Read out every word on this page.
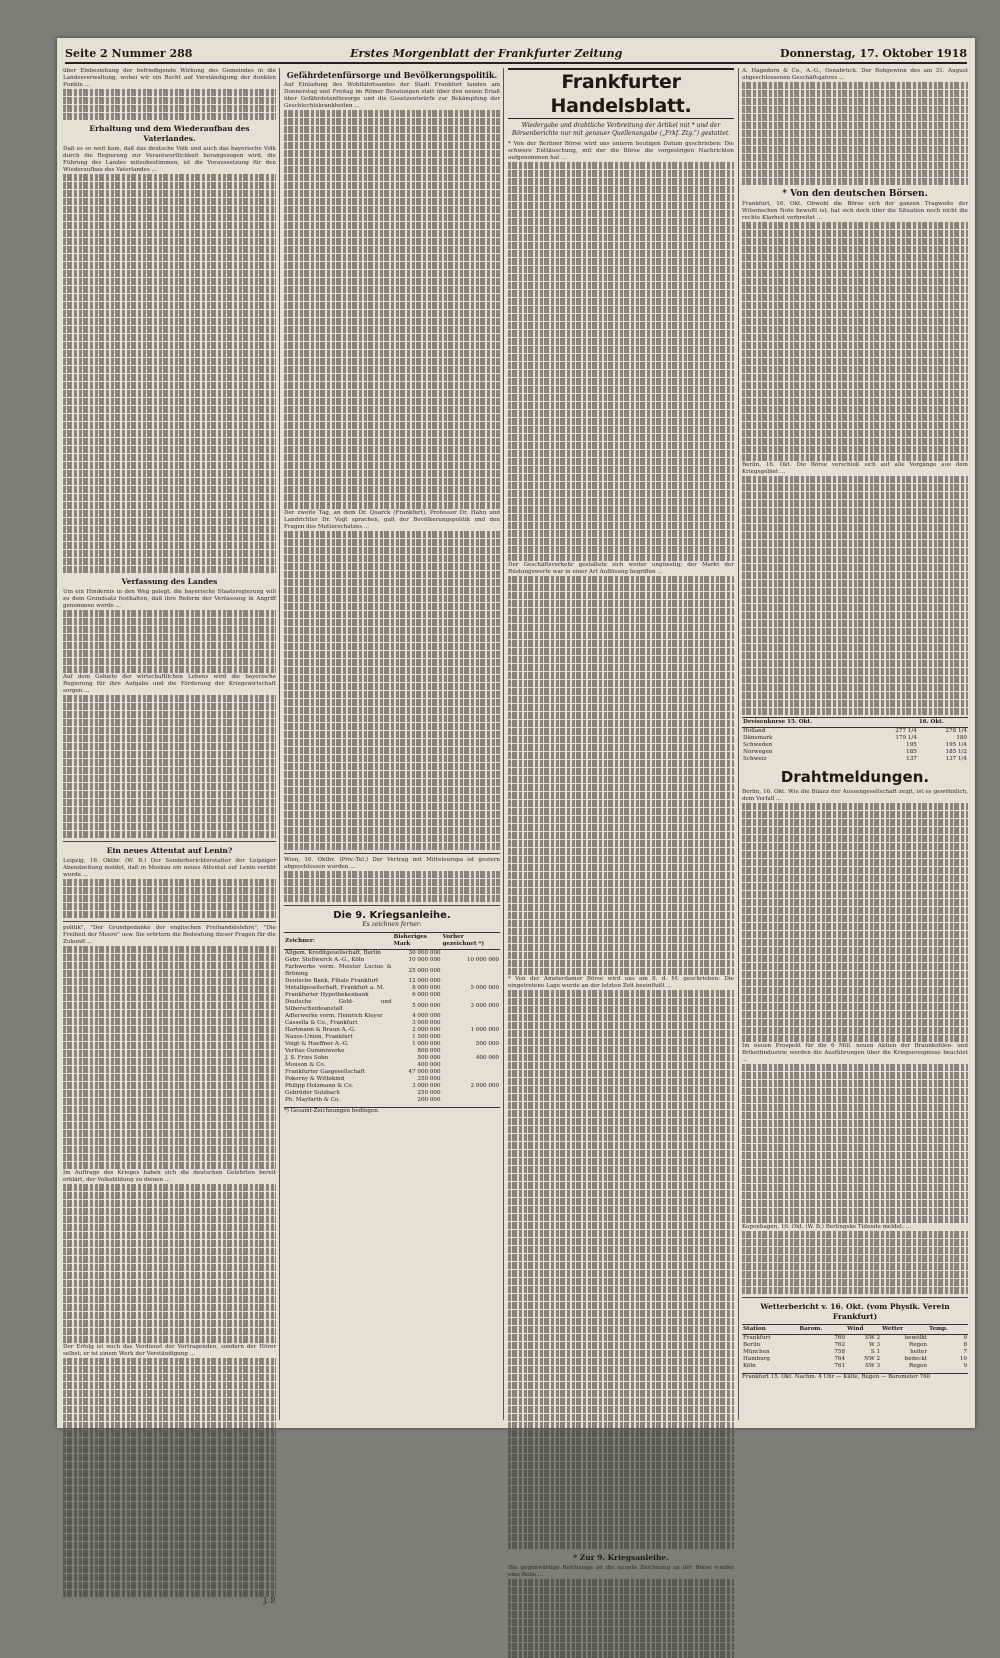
Seite 2 Nummer 288	Erstes Morgenblatt der Frankfurter Zeitung	Donnerstag, 17. Oktober 1918

über Einbeziehung der befriedigende Wirkung des Gemeindes in die Landesverwaltung, wobei wir ein Recht auf Verständigung der dunklen Punkte ...

Erhaltung und dem Wiederaufbau des Vaterlandes.

Daß es so weit kam, daß das deutsche Volk und auch das bayerische Volk durch die Regierung zur Verantwortlichkeit herangezogen wird, die Führung des Landes mitzubestimmen, ist die Voraussetzung für den Wiederaufbau des Vaterlandes ...

Verfassung des Landes

Um ein Hindernis in den Weg gelegt, die bayerische Staatsregierung will zu dem Grundsatz festhalten, daß ihre Reform der Verfassung in Angriff genommen werde ...

Auf dem Gebiete der wirtschaftlichen Lebens wird die bayerische Regierung für ihre Aufgabe und die Förderung der Kriegswirtschaft sorgen ...

Ein neues Attentat auf Lenin?

Leipzig, 16. Oktbr. (W. B.) Der Sonderberichterstatter der Leipziger Abendzeitung meldet, daß in Moskau ein neues Attentat auf Lenin verübt wurde ...

politik", "Der Grundgedanke der englischen Freihandelslehre", "Die Freiheit der Meere" usw. Sie erörtern die Bedeutung dieser Fragen für die Zukunft ...

Im Auftrage des Krieges haben sich die deutschen Gelehrten bereit erklärt, der Volksbildung zu dienen ...

Der Erfolg ist noch das Verdienst der Vortragenden, sondern der Hörer selbst; er ist einem Werk der Verständigung ...

J. P.
Gefährdetenfürsorge und Bevölkerungspolitik.

Auf Einladung des Wohlfahrtsamtes der Stadt Frankfurt fanden am Donnerstag und Freitag im Römer Beratungen statt über den neuen Erlaß über Gefährdetenfürsorge und die Gesetzentwürfe zur Bekämpfung der Geschlechtskrankheiten ...

Der zweite Tag, an dem Dr. Quarck (Frankfurt), Professor Dr. Hahn und Landrichter Dr. Vogt sprachen, galt der Bevölkerungspolitik und den Fragen des Mutterschutzes ...

Wien, 16. Oktbr. (Priv.-Tel.) Der Vertrag mit Mitteleuropa ist gestern abgeschlossen worden ...

Die 9. Kriegsanleihe.
Es zeichnen ferner:
Zeichner:	Bisheriges Mark	Vorher gezeichnet *)
Allgem. Kreditgesellschaft, Berlin	30 000 000	
Gebr. Stollwerck A.-G., Köln	10 000 000	10 000 000
Farbwerke vorm. Meister Lucius & Brüning	25 000 000	
Deutsche Bank, Filiale Frankfurt	12 000 000	
Metallgesellschaft, Frankfurt a. M.	8 000 000	5 000 000
Frankfurter Hypothekenbank	6 000 000	
Deutsche Gold- und Silberscheideanstalt	5 000 000	3 000 000
Adlerwerke vorm. Heinrich Kleyer	4 000 000	
Cassella & Co., Frankfurt	3 000 000	
Hartmann & Braun A.-G.	2 000 000	1 000 000
Naxos-Union, Frankfurt	1 500 000	
Voigt & Haeffner A.-G.	1 000 000	500 000
Veritas Gummiwerke	800 000	
J. S. Fries Sohn	500 000	400 000
Mouson & Co.	400 000	
Frankfurter Gasgesellschaft	47 000 000	
Pokorny & Wittekind	350 000	
Philipp Holzmann & Co.	3 000 000	2 000 000
Gebrüder Sulzbach	250 000	
Ph. Mayfarth & Co.	200 000	
*) Gesamt-Zeichnungen bedingen.
Frankfurter Handelsblatt.
Wiedergabe und drahtliche Verbreitung der Artikel mit * und der Börsenberichte nur mit genauer Quellenangabe („Frkf. Ztg.") gestattet.

* Von der Berliner Börse wird uns unterm heutigen Datum geschrieben: Die schwere Enttäuschung, mit der die Börse die vorgestrigen Nachrichten aufgenommen hat ...

Der Geschäftsverkehr gestaltete sich weiter ungünstig; der Markt der Rüstungswerte war in einer Art Auflösung begriffen ...

* Von der Amsterdamer Börse wird uns am 8. d. M. geschrieben: Die eingetretene Lage wurde an der letzten Zeit beeinflußt ...

* Zur 9. Kriegsanleihe.

Die gegenwärtige Reichslage ist die neunte Zeichnung an der Börse wieder eine Rolle ...

A. Hagedorn & Co., A.-G., Osnabrück. Der Rohgewinn des am 31. August abgeschlossenen Geschäftsjahres ...

* Von den deutschen Börsen.

Frankfurt, 16. Okt. Obwohl die Börse sich der ganzen Tragweite der Wilsonschen Note bewußt ist, hat sich doch über die Situation noch nicht die rechte Klarheit verbreitet ...

Berlin, 16. Okt. Die Börse verschloß sich auf alle Vorgänge aus dem Kriegsgebiet ...

Devisenkurse 15. Okt.		16. Okt.
Holland	277 1/4	278 1/4
Dänemark	179 1/4	180
Schweden	195	195 1/4
Norwegen	185	185 1/2
Schweiz	137	137 1/4
Drahtmeldungen.

Berlin, 16. Okt. Wie die Bilanz der Aussengesellschaft zeigt, ist es gewöhnlich, dem Verfall ...

Im neuen Prospekt für die 6 Mill. neuen Aktien der Braunkohlen- und Brikettindustrie werden die Ausführungen über die Kriegsereignisse beachtet ...

Kopenhagen, 16. Okt. (W. B.) Berlingske Tidende meldet: ...

Wetterbericht v. 16. Okt. (vom Physik. Verein Frankfurt)
Station	Barom.	Wind	Wetter	Temp.
Frankfurt	760	SW 2	bewölkt	9
Berlin	762	W 3	Regen	8
München	758	S 1	heiter	7
Hamburg	764	NW 2	bedeckt	10
Köln	761	SW 3	Regen	9
Frankfurt 15. Okt. Nachm. 4 Uhr — Kälte, Regen — Barometer 760
